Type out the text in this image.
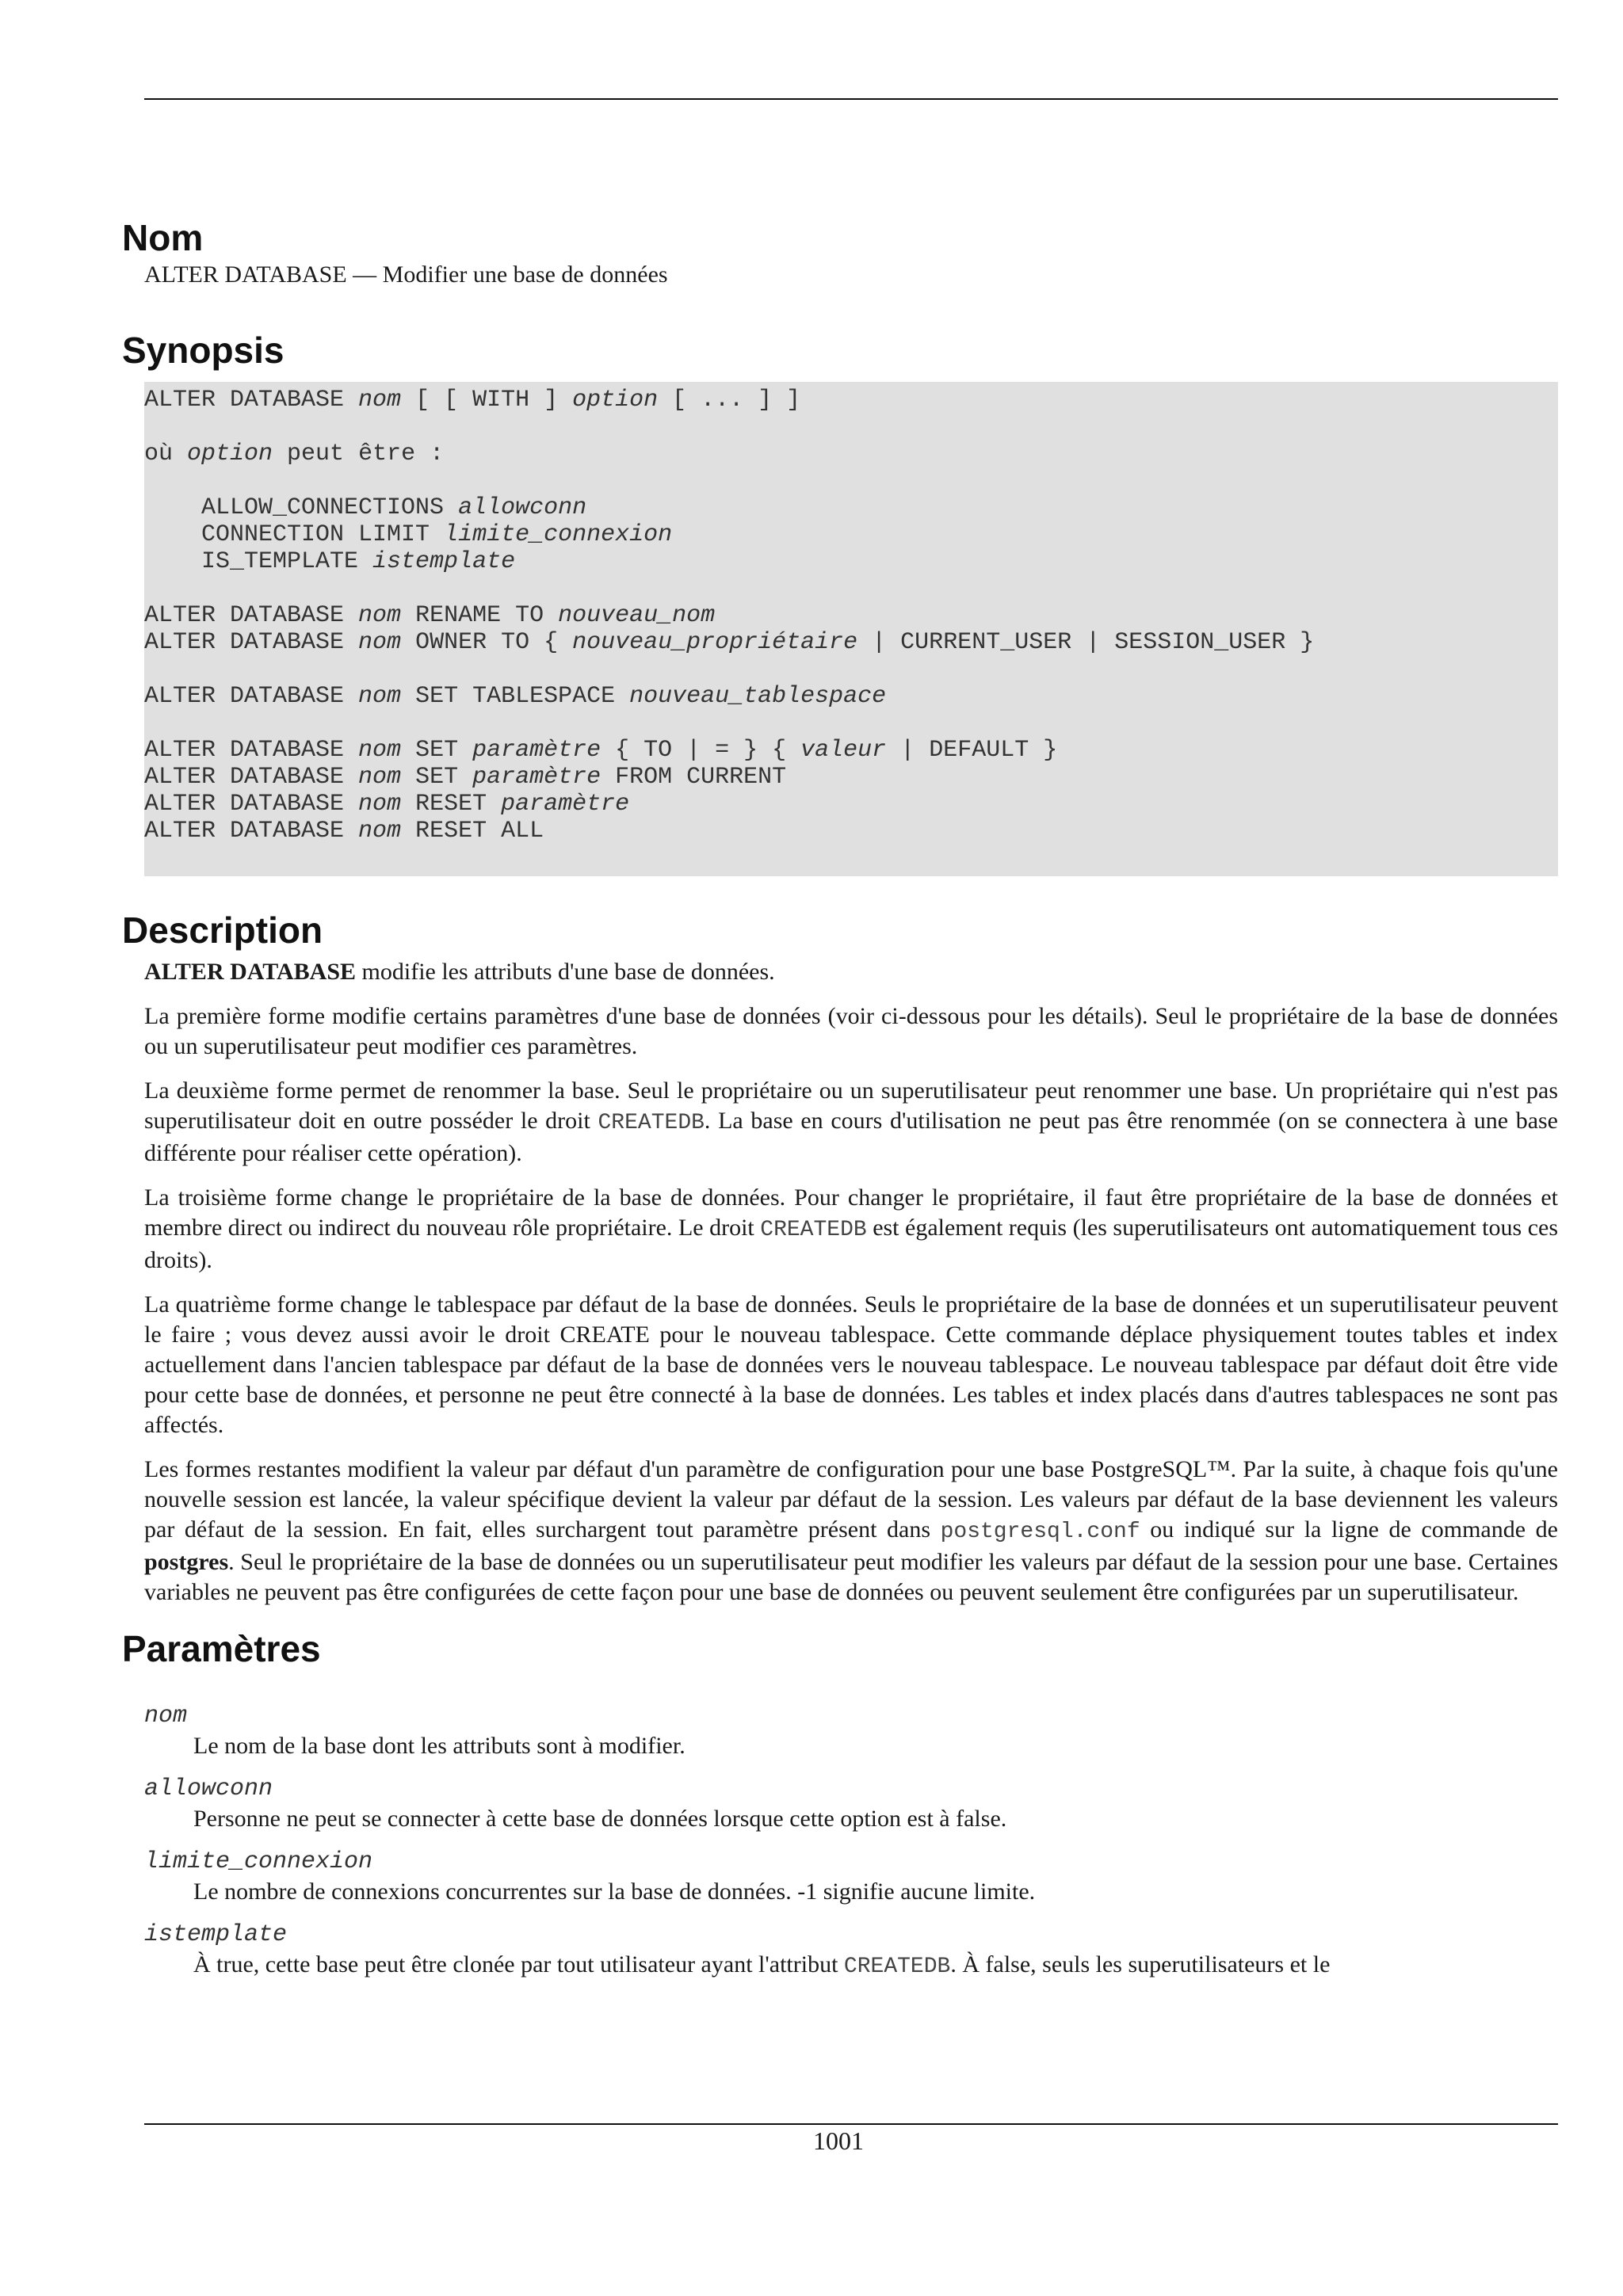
Nom
ALTER DATABASE — Modifier une base de données
Synopsis
ALTER DATABASE nom [ [ WITH ] option [ ... ] ]
où option peut être :
ALLOW_CONNECTIONS allowconn
CONNECTION LIMIT limite_connexion
IS_TEMPLATE istemplate
ALTER DATABASE nom RENAME TO nouveau_nom
ALTER DATABASE nom OWNER TO { nouveau_propriétaire | CURRENT_USER | SESSION_USER }
ALTER DATABASE nom SET TABLESPACE nouveau_tablespace
ALTER DATABASE nom SET paramètre { TO | = } { valeur | DEFAULT }
ALTER DATABASE nom SET paramètre FROM CURRENT
ALTER DATABASE nom RESET paramètre
ALTER DATABASE nom RESET ALL
Description

ALTER DATABASE modifie les attributs d'une base de données.

La première forme modifie certains paramètres d'une base de données (voir ci-dessous pour les détails). Seul le propriétaire de la base de données ou un superutilisateur peut modifier ces paramètres.

La deuxième forme permet de renommer la base. Seul le propriétaire ou un superutilisateur peut renommer une base. Un propriétaire qui n'est pas superutilisateur doit en outre posséder le droit CREATEDB. La base en cours d'utilisation ne peut pas être renommée (on se connectera à une base différente pour réaliser cette opération).

La troisième forme change le propriétaire de la base de données. Pour changer le propriétaire, il faut être propriétaire de la base de données et membre direct ou indirect du nouveau rôle propriétaire. Le droit CREATEDB est également requis (les superutilisateurs ont automatiquement tous ces droits).

La quatrième forme change le tablespace par défaut de la base de données. Seuls le propriétaire de la base de données et un superutilisateur peuvent le faire ; vous devez aussi avoir le droit CREATE pour le nouveau tablespace. Cette commande déplace physiquement toutes tables et index actuellement dans l'ancien tablespace par défaut de la base de données vers le nouveau tablespace. Le nouveau tablespace par défaut doit être vide pour cette base de données, et personne ne peut être connecté à la base de données. Les tables et index placés dans d'autres tablespaces ne sont pas affectés.

Les formes restantes modifient la valeur par défaut d'un paramètre de configuration pour une base PostgreSQL™. Par la suite, à chaque fois qu'une nouvelle session est lancée, la valeur spécifique devient la valeur par défaut de la session. Les valeurs par défaut de la base deviennent les valeurs par défaut de la session. En fait, elles surchargent tout paramètre présent dans postgresql.conf ou indiqué sur la ligne de commande de postgres. Seul le propriétaire de la base de données ou un superutilisateur peut modifier les valeurs par défaut de la session pour une base. Certaines variables ne peuvent pas être configurées de cette façon pour une base de données ou peuvent seulement être configurées par un superutilisateur.

Paramètres
nom
Le nom de la base dont les attributs sont à modifier.
allowconn
Personne ne peut se connecter à cette base de données lorsque cette option est à false.
limite_connexion
Le nombre de connexions concurrentes sur la base de données. -1 signifie aucune limite.
istemplate
À true, cette base peut être clonée par tout utilisateur ayant l'attribut CREATEDB. À false, seuls les superutilisateurs et le
1001
